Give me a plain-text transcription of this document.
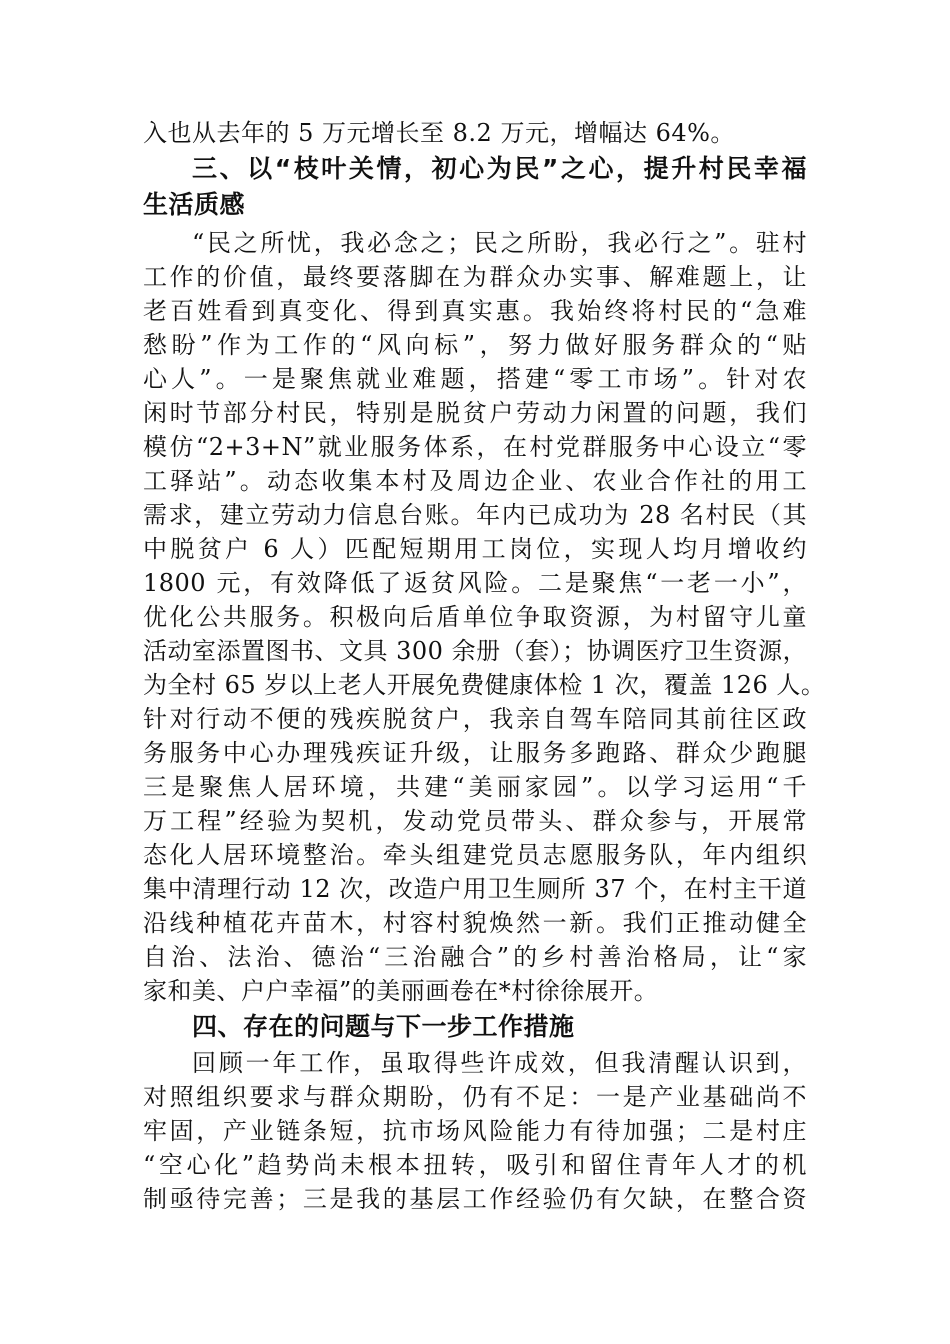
入也从去年的 5 万元增长至 8.2 万元，增幅达 64%。
三、以“枝叶关情，初心为民”之心，提升村民幸福
生活质感
“民之所忧，我必念之；民之所盼，我必行之”。驻村
工作的价值，最终要落脚在为群众办实事、解难题上，让
老百姓看到真变化、得到真实惠。我始终将村民的“急难
愁盼”作为工作的“风向标”，努力做好服务群众的“贴
心人”。一是聚焦就业难题，搭建“零工市场”。针对农
闲时节部分村民，特别是脱贫户劳动力闲置的问题，我们
模仿“2+3+N”就业服务体系，在村党群服务中心设立“零
工驿站”。动态收集本村及周边企业、农业合作社的用工
需求，建立劳动力信息台账。年内已成功为 28 名村民（其
中脱贫户 6 人）匹配短期用工岗位，实现人均月增收约
1800 元，有效降低了返贫风险。二是聚焦“一老一小”，
优化公共服务。积极向后盾单位争取资源，为村留守儿童
活动室添置图书、文具 300 余册（套）；协调医疗卫生资源，
为全村 65 岁以上老人开展免费健康体检 1 次，覆盖 126 人。
针对行动不便的残疾脱贫户，我亲自驾车陪同其前往区政
务服务中心办理残疾证升级，让服务多跑路、群众少跑腿
三是聚焦人居环境，共建“美丽家园”。以学习运用“千
万工程”经验为契机，发动党员带头、群众参与，开展常
态化人居环境整治。牵头组建党员志愿服务队，年内组织
集中清理行动 12 次，改造户用卫生厕所 37 个，在村主干道
沿线种植花卉苗木，村容村貌焕然一新。我们正推动健全
自治、法治、德治“三治融合”的乡村善治格局，让“家
家和美、户户幸福”的美丽画卷在*村徐徐展开。
四、存在的问题与下一步工作措施
回顾一年工作，虽取得些许成效，但我清醒认识到，
对照组织要求与群众期盼，仍有不足：一是产业基础尚不
牢固，产业链条短，抗市场风险能力有待加强；二是村庄
“空心化”趋势尚未根本扭转，吸引和留住青年人才的机
制亟待完善；三是我的基层工作经验仍有欠缺，在整合资
